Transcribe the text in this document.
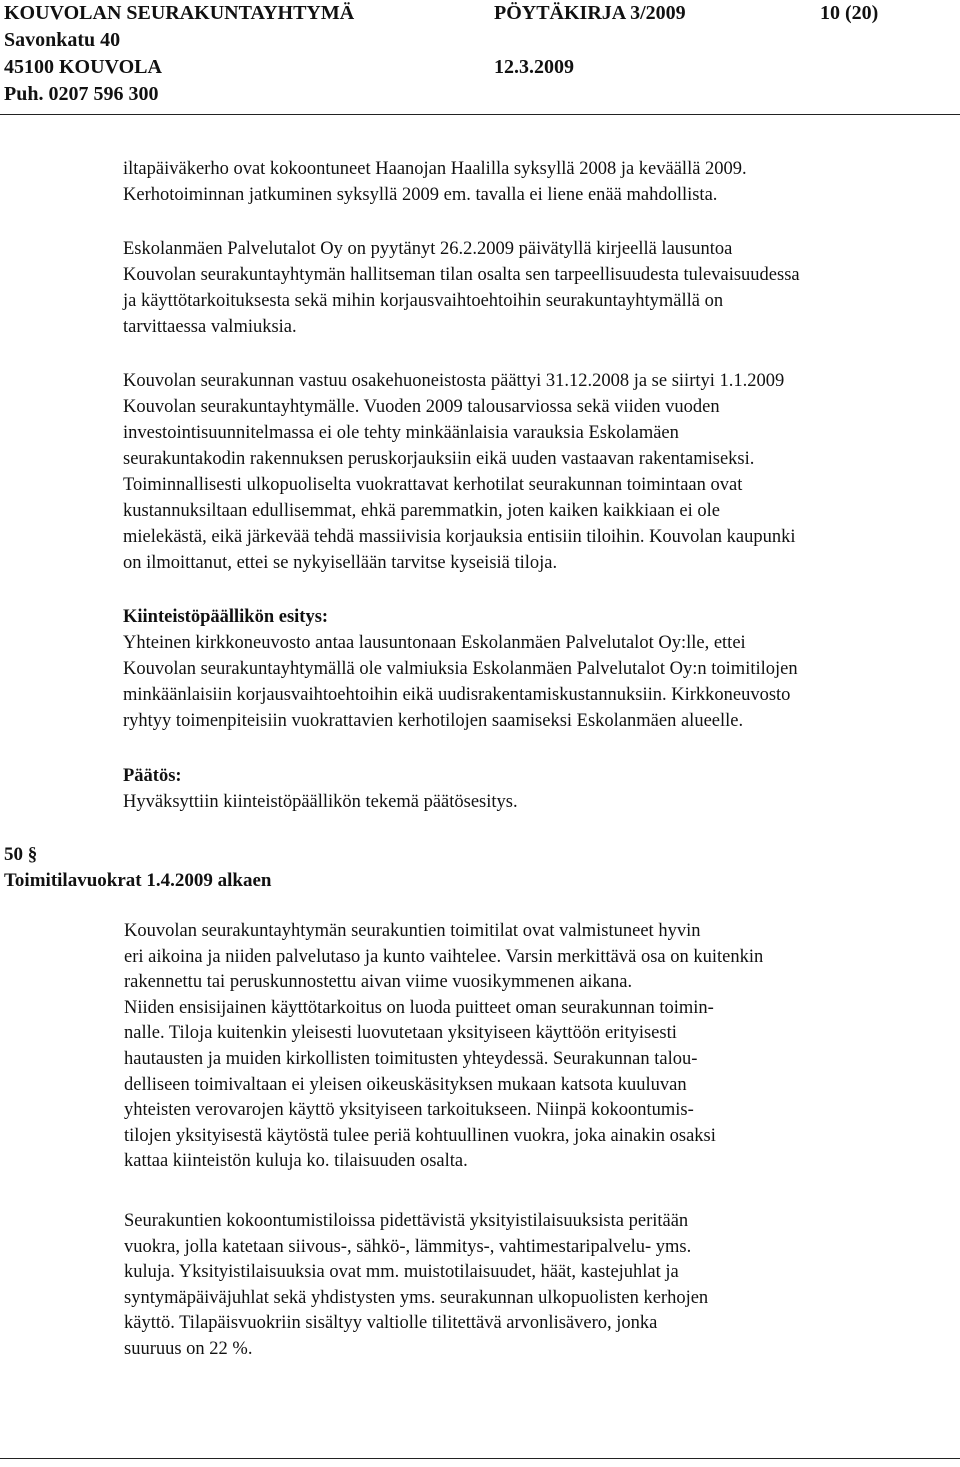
KOUVOLAN SEURAKUNTAYHTYMÄ	PÖYTÄKIRJA 3/2009	10 (20)
Savonkatu 40
45100 KOUVOLA	12.3.2009
Puh. 0207 596 300
iltapäiväkerho ovat kokoontuneet Haanojan Haalilla syksyllä 2008 ja keväällä 2009.
Kerhotoiminnan jatkuminen syksyllä 2009 em. tavalla ei liene enää mahdollista.
Eskolanmäen Palvelutalot Oy on pyytänyt 26.2.2009 päivätyllä kirjeellä lausuntoa
Kouvolan seurakuntayhtymän hallitseman tilan osalta sen tarpeellisuudesta tulevaisuudessa
ja käyttötarkoituksesta sekä mihin korjausvaihtoehtoihin seurakuntayhtymällä on
tarvittaessa valmiuksia.
Kouvolan seurakunnan vastuu osakehuoneistosta päättyi 31.12.2008 ja se siirtyi 1.1.2009
Kouvolan seurakuntayhtymälle. Vuoden 2009 talousarviossa sekä viiden vuoden
investointisuunnitelmassa ei ole tehty minkäänlaisia varauksia Eskolamäen
seurakuntakodin rakennuksen peruskorjauksiin eikä uuden vastaavan rakentamiseksi.
Toiminnallisesti ulkopuoliselta vuokrattavat kerhotilat seurakunnan toimintaan ovat
kustannuksiltaan edullisemmat, ehkä paremmatkin, joten kaiken kaikkiaan ei ole
mielekästä, eikä järkevää tehdä massiivisia korjauksia entisiin tiloihin. Kouvolan kaupunki
on ilmoittanut, ettei se nykyisellään tarvitse kyseisiä tiloja.
Kiinteistöpäällikön esitys:
Yhteinen kirkkoneuvosto antaa lausuntonaan Eskolanmäen Palvelutalot Oy:lle, ettei
Kouvolan seurakuntayhtymällä ole valmiuksia Eskolanmäen Palvelutalot Oy:n toimitilojen
minkäänlaisiin korjausvaihtoehtoihin eikä uudisrakentamiskustannuksiin. Kirkkoneuvosto
ryhtyy toimenpiteisiin vuokrattavien kerhotilojen saamiseksi Eskolanmäen alueelle.
Päätös:
Hyväksyttiin kiinteistöpäällikön tekemä päätösesitys.
50 §
Toimitilavuokrat 1.4.2009 alkaen
Kouvolan seurakuntayhtymän seurakuntien toimitilat ovat valmistuneet hyvin
eri aikoina ja niiden palvelutaso ja kunto vaihtelee. Varsin merkittävä osa on kuitenkin
rakennettu tai peruskunnostettu aivan viime vuosikymmenen aikana.
Niiden ensisijainen käyttötarkoitus on luoda puitteet oman seurakunnan toimin-
nalle. Tiloja kuitenkin yleisesti luovutetaan yksityiseen käyttöön erityisesti
hautausten ja muiden kirkollisten toimitusten yhteydessä. Seurakunnan talou-
delliseen toimivaltaan ei yleisen oikeuskäsityksen mukaan katsota kuuluvan
yhteisten verovarojen käyttö yksityiseen tarkoitukseen. Niinpä kokoontumis-
tilojen yksityisestä käytöstä tulee periä kohtuullinen vuokra, joka ainakin osaksi
kattaa kiinteistön kuluja ko. tilaisuuden osalta.
Seurakuntien kokoontumistiloissa pidettävistä yksityistilaisuuksista peritään
vuokra, jolla katetaan siivous-, sähkö-, lämmitys-, vahtimestaripalvelu- yms.
kuluja. Yksityistilaisuuksia ovat mm. muistotilaisuudet, häät, kastejuhlat ja
syntymäpäiväjuhlat sekä yhdistysten yms. seurakunnan ulkopuolisten kerhojen
käyttö. Tilapäisvuokriin sisältyy valtiolle tilitettävä arvonlisävero, jonka
suuruus on 22 %.
